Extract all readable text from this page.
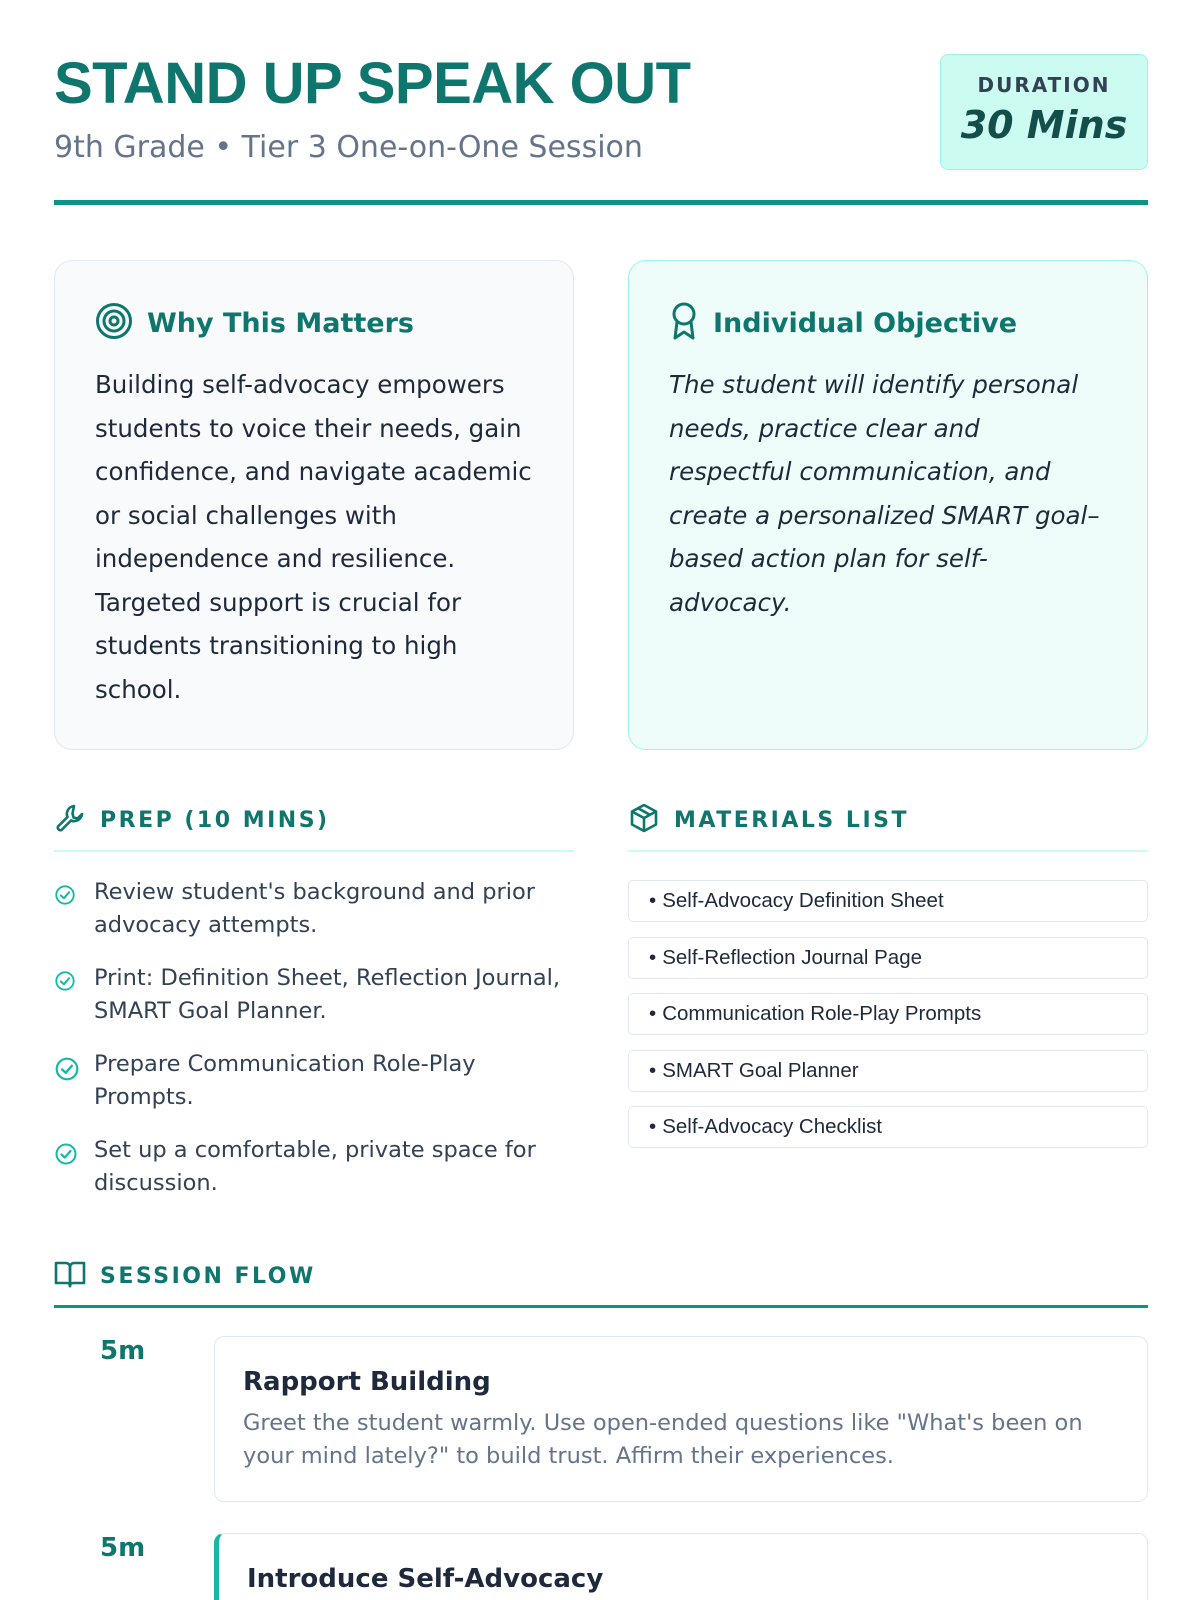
STAND UP SPEAK OUT
9th Grade • Tier 3 One-on-One Session
DURATION
30 Mins
Why This Matters
Building self-advocacy empowers students to voice their needs, gain confidence, and navigate academic or social challenges with independence and resilience. Targeted support is crucial for students transitioning to high school.
Individual Objective
The student will identify personal needs, practice clear and respectful communication, and create a personalized SMART goal–based action plan for self-advocacy.
PREP (10 MINS)
Review student's background and prior advocacy attempts.
Print: Definition Sheet, Reflection Journal, SMART Goal Planner.
Prepare Communication Role-Play Prompts.
Set up a comfortable, private space for discussion.
MATERIALS LIST
• Self-Advocacy Definition Sheet
• Self-Reflection Journal Page
• Communication Role-Play Prompts
• SMART Goal Planner
• Self-Advocacy Checklist
SESSION FLOW
5m
Rapport Building
Greet the student warmly. Use open-ended questions like "What's been on your mind lately?" to build trust. Affirm their experiences.
5m
Introduce Self-Advocacy
